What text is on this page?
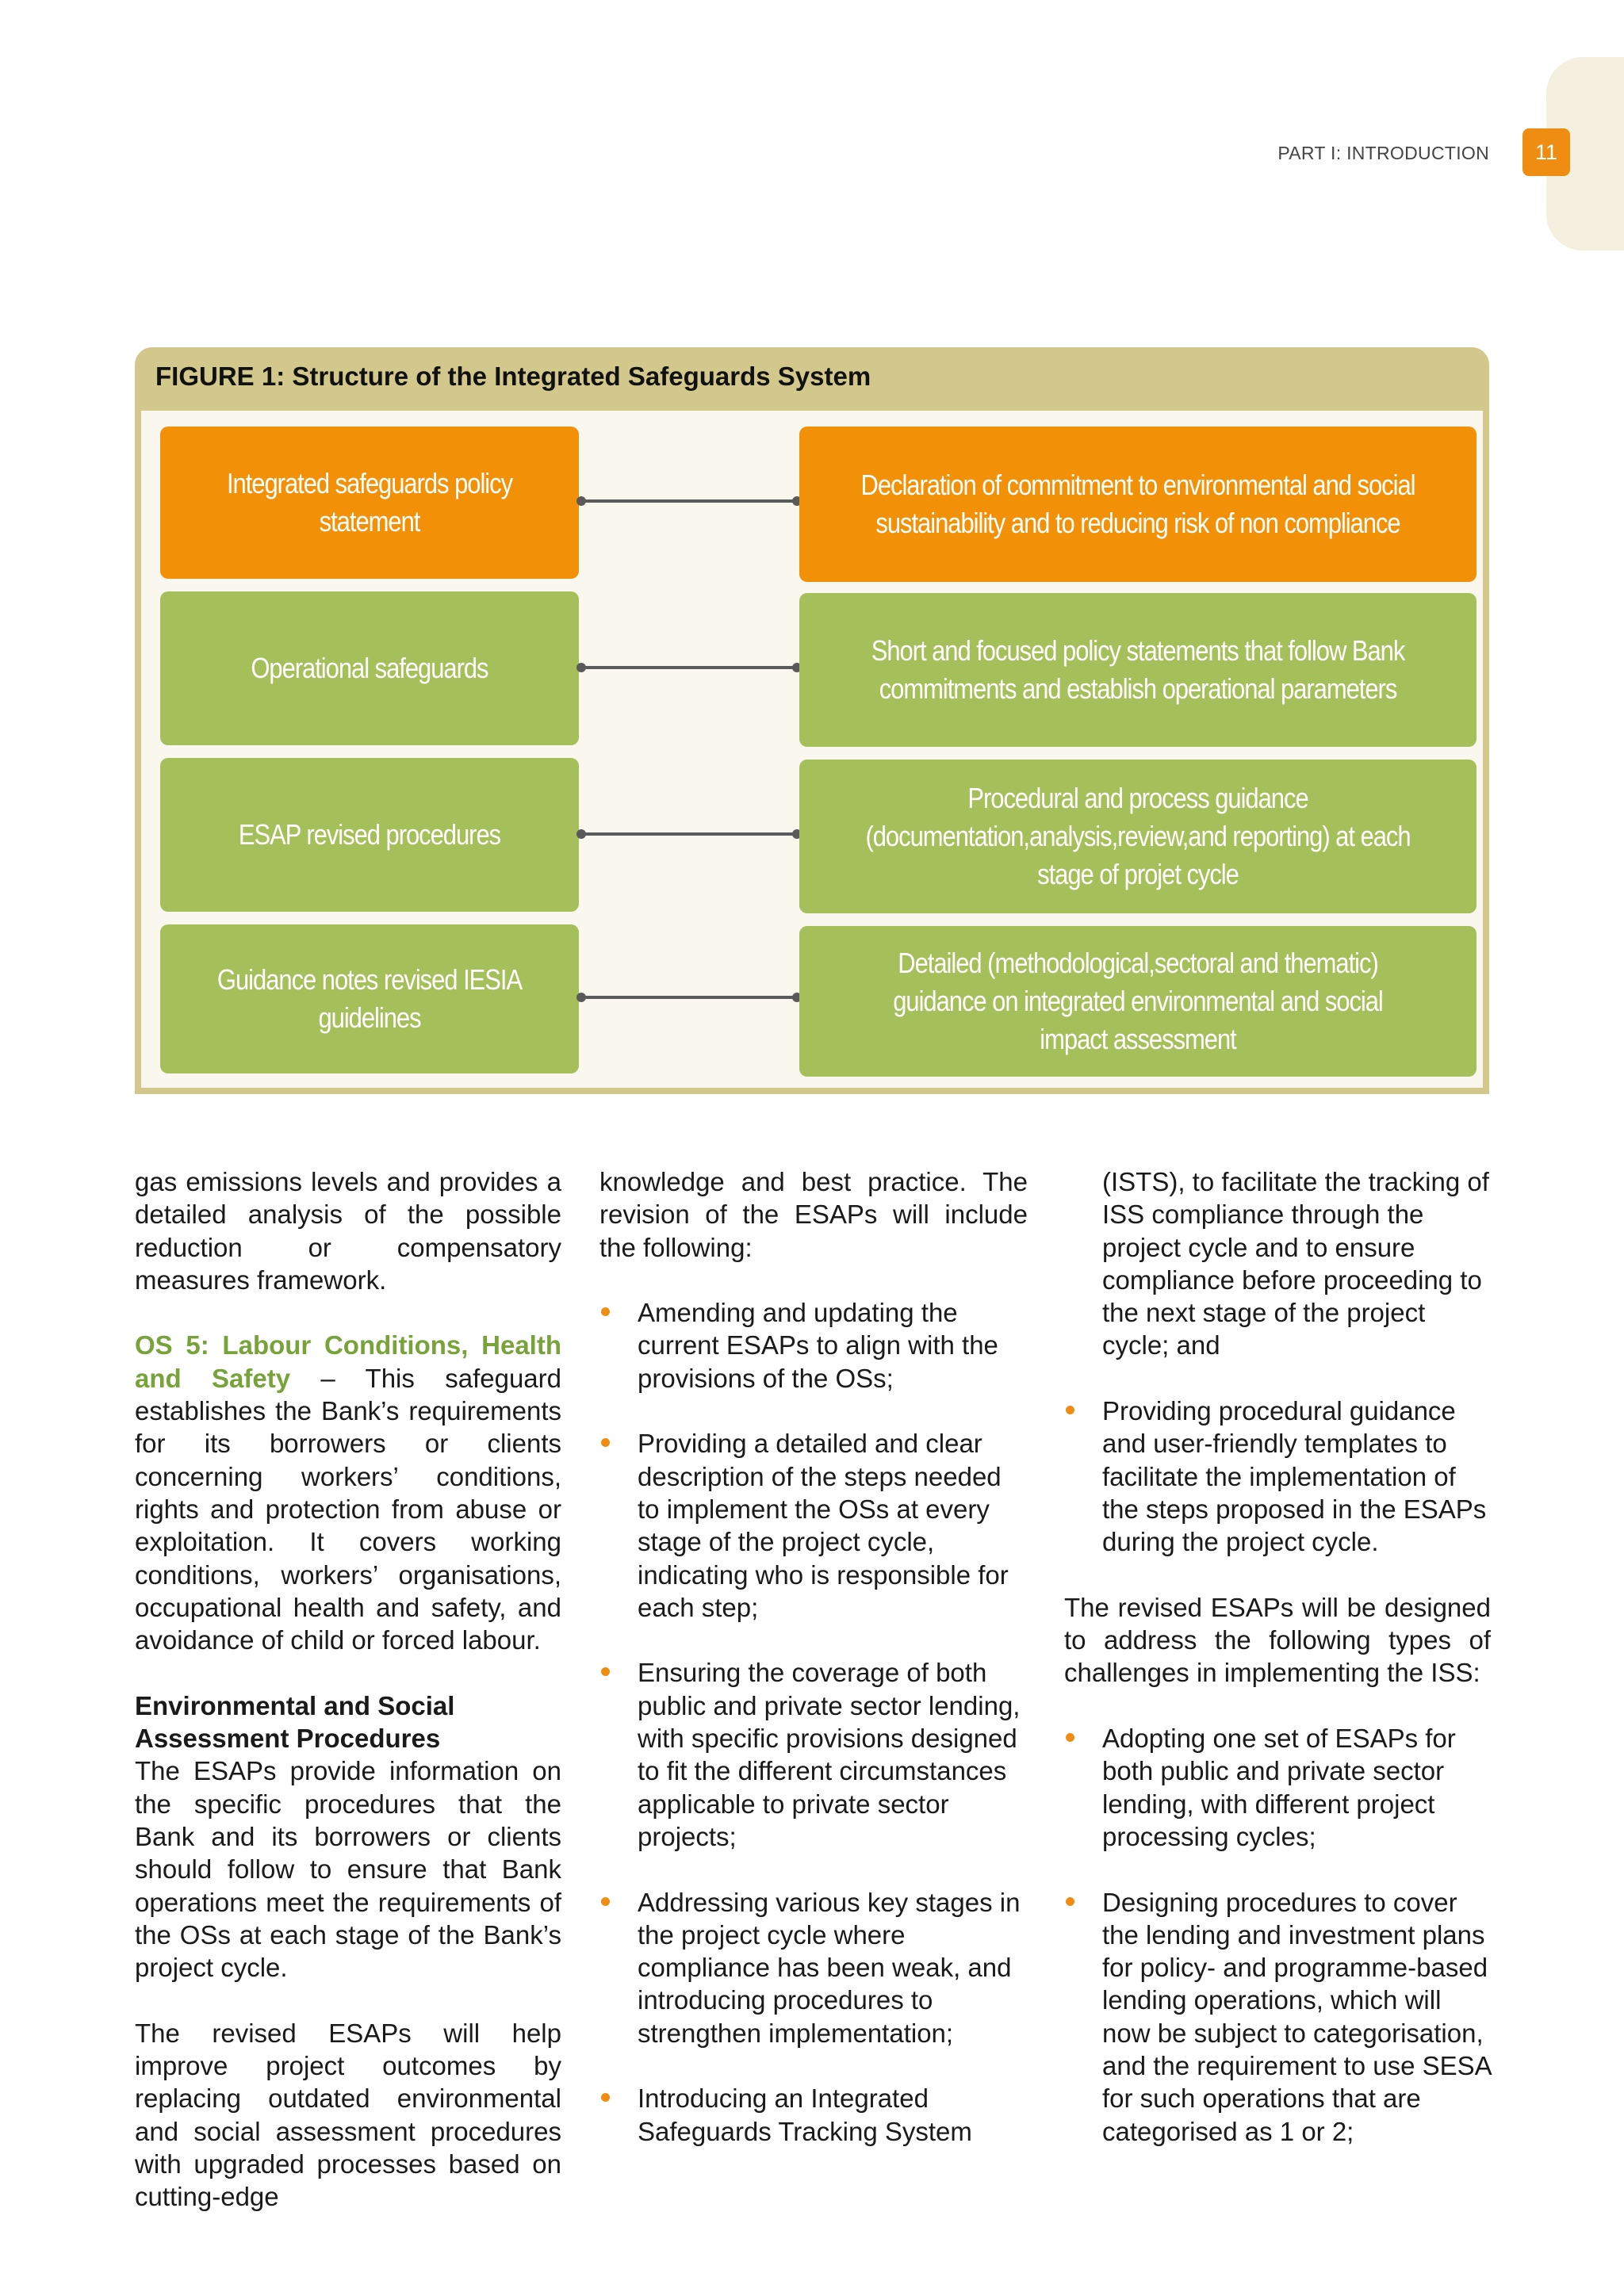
PART I: INTRODUCTION	11
FIGURE 1: Structure of the Integrated Safeguards System
Integrated safeguards policy statement
Declaration of commitment to environmental and social sustainability and to reducing risk of non compliance
Operational safeguards
Short and focused policy statements that follow Bank commitments and establish operational parameters
ESAP revised procedures
Procedural and process guidance (documentation,analysis,review,and reporting) at each stage of projet cycle
Guidance notes revised IESIA guidelines
Detailed (methodological,sectoral and thematic) guidance on integrated environmental and social impact assessment

gas emissions levels and provides a detailed analysis of the possible reduction or compensatory measures framework.

OS 5: Labour Conditions, Health and Safety – This safeguard establishes the Bank’s requirements for its borrowers or clients concerning workers’ conditions, rights and protection from abuse or exploitation. It covers working conditions, workers’ organisations, occupational health and safety, and avoidance of child or forced labour.

Environmental and Social Assessment Procedures

The ESAPs provide information on the specific procedures that the Bank and its borrowers or clients should follow to ensure that Bank operations meet the requirements of the OSs at each stage of the Bank’s project cycle.

The revised ESAPs will help improve project outcomes by replacing outdated environmental and social assessment procedures with upgraded processes based on cutting-edge

knowledge and best practice. The revision of the ESAPs will include the following:

Amending and updating the current ESAPs to align with the provisions of the OSs;

Providing a detailed and clear description of the steps needed to implement the OSs at every stage of the project cycle, indicating who is responsible for each step;

Ensuring the coverage of both public and private sector lending, with specific provisions designed to fit the different circumstances applicable to private sector projects;

Addressing various key stages in the project cycle where compliance has been weak, and introducing procedures to strengthen implementation;

Introducing an Integrated Safeguards Tracking System

(ISTS), to facilitate the tracking of ISS compliance through the project cycle and to ensure compliance before proceeding to the next stage of the project cycle; and

Providing procedural guidance and user-friendly templates to facilitate the implementation of the steps proposed in the ESAPs during the project cycle.

The revised ESAPs will be designed to address the following types of challenges in implementing the ISS:

Adopting one set of ESAPs for both public and private sector lending, with different project processing cycles;

Designing procedures to cover the lending and investment plans for policy- and programme-based lending operations, which will now be subject to categorisation, and the requirement to use SESA for such operations that are categorised as 1 or 2;
